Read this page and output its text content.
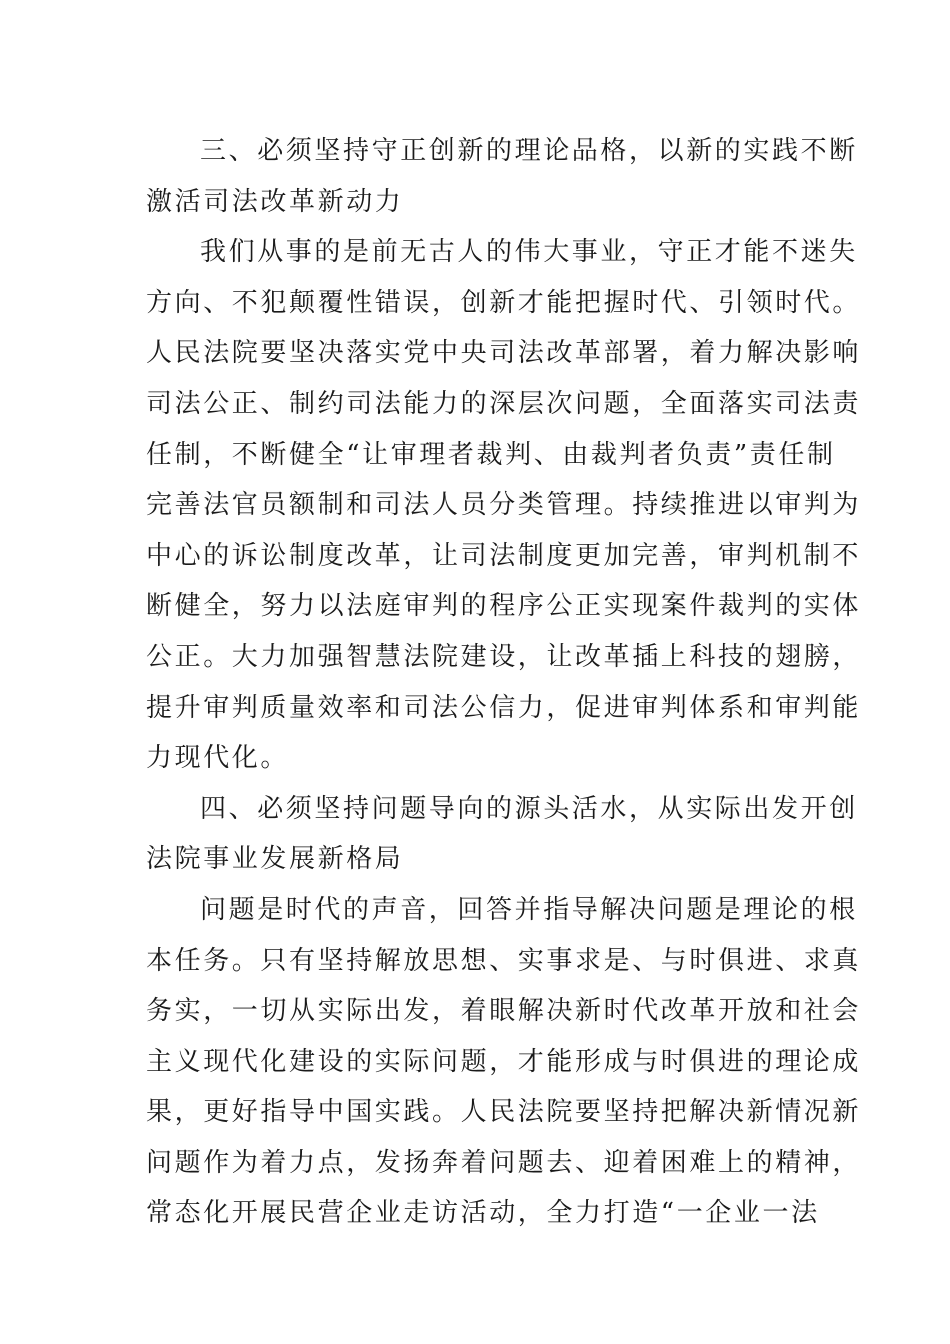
三、必须坚持守正创新的理论品格，以新的实践不断
激活司法改革新动力
我们从事的是前无古人的伟大事业，守正才能不迷失
方向、不犯颠覆性错误，创新才能把握时代、引领时代。
人民法院要坚决落实党中央司法改革部署，着力解决影响
司法公正、制约司法能力的深层次问题，全面落实司法责
任制，不断健全“让审理者裁判、由裁判者负责”责任制
完善法官员额制和司法人员分类管理。持续推进以审判为
中心的诉讼制度改革，让司法制度更加完善，审判机制不
断健全，努力以法庭审判的程序公正实现案件裁判的实体
公正。大力加强智慧法院建设，让改革插上科技的翅膀，
提升审判质量效率和司法公信力，促进审判体系和审判能
力现代化。
四、必须坚持问题导向的源头活水，从实际出发开创
法院事业发展新格局
问题是时代的声音，回答并指导解决问题是理论的根
本任务。只有坚持解放思想、实事求是、与时俱进、求真
务实，一切从实际出发，着眼解决新时代改革开放和社会
主义现代化建设的实际问题，才能形成与时俱进的理论成
果，更好指导中国实践。人民法院要坚持把解决新情况新
问题作为着力点，发扬奔着问题去、迎着困难上的精神，
常态化开展民营企业走访活动，全力打造“一企业一法
